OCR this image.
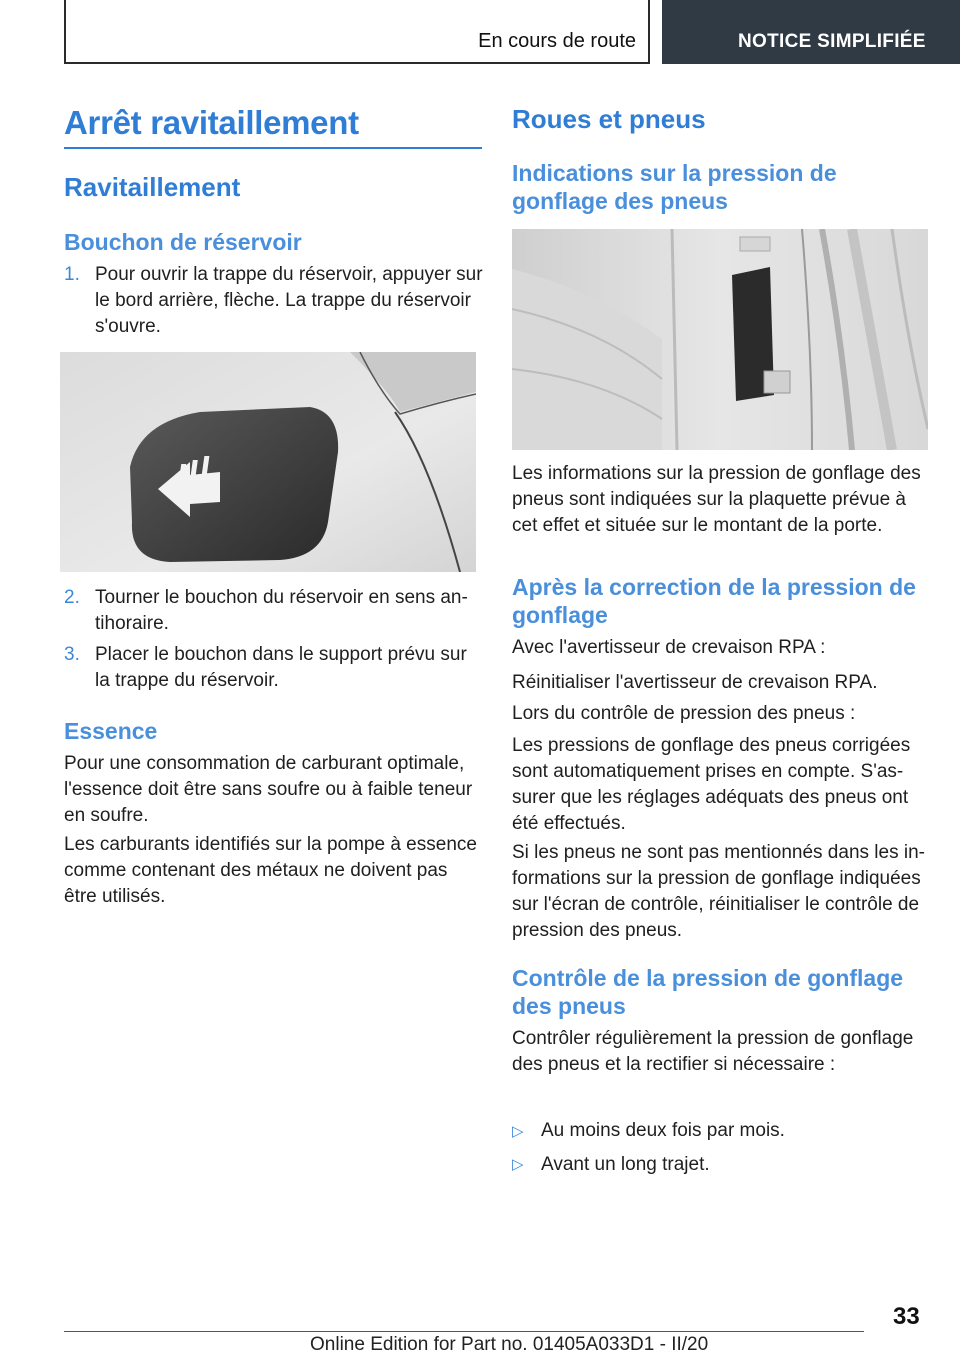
En cours de route	NOTICE SIMPLIFIÉE
Arrêt ravitaillement
Ravitaillement
Bouchon de réservoir
1. Pour ouvrir la trappe du réservoir, appuyer sur
le bord arrière, flèche. La trappe du réservoir
s'ouvre.
2. Tourner le bouchon du réservoir en sens an‐
tihoraire.
3. Placer le bouchon dans le support prévu sur
la trappe du réservoir.
Essence
Pour une consommation de carburant optimale,
l'essence doit être sans soufre ou à faible teneur
en soufre.
Les carburants identifiés sur la pompe à essence
comme contenant des métaux ne doivent pas
être utilisés.
Roues et pneus
Indications sur la pression de
gonflage des pneus
Les informations sur la pression de gonflage des
pneus sont indiquées sur la plaquette prévue à
cet effet et située sur le montant de la porte.
Après la correction de la pression de
gonflage
Avec l'avertisseur de crevaison RPA :
Réinitialiser l'avertisseur de crevaison RPA.
Lors du contrôle de pression des pneus :
Les pressions de gonflage des pneus corrigées
sont automatiquement prises en compte. S'as‐
surer que les réglages adéquats des pneus ont
été effectués.
Si les pneus ne sont pas mentionnés dans les in‐
formations sur la pression de gonflage indiquées
sur l'écran de contrôle, réinitialiser le contrôle de
pression des pneus.
Contrôle de la pression de gonflage
des pneus
Contrôler régulièrement la pression de gonflage
des pneus et la rectifier si nécessaire :
▷ Au moins deux fois par mois.
▷ Avant un long trajet.
33
Online Edition for Part no. 01405A033D1 - II/20
